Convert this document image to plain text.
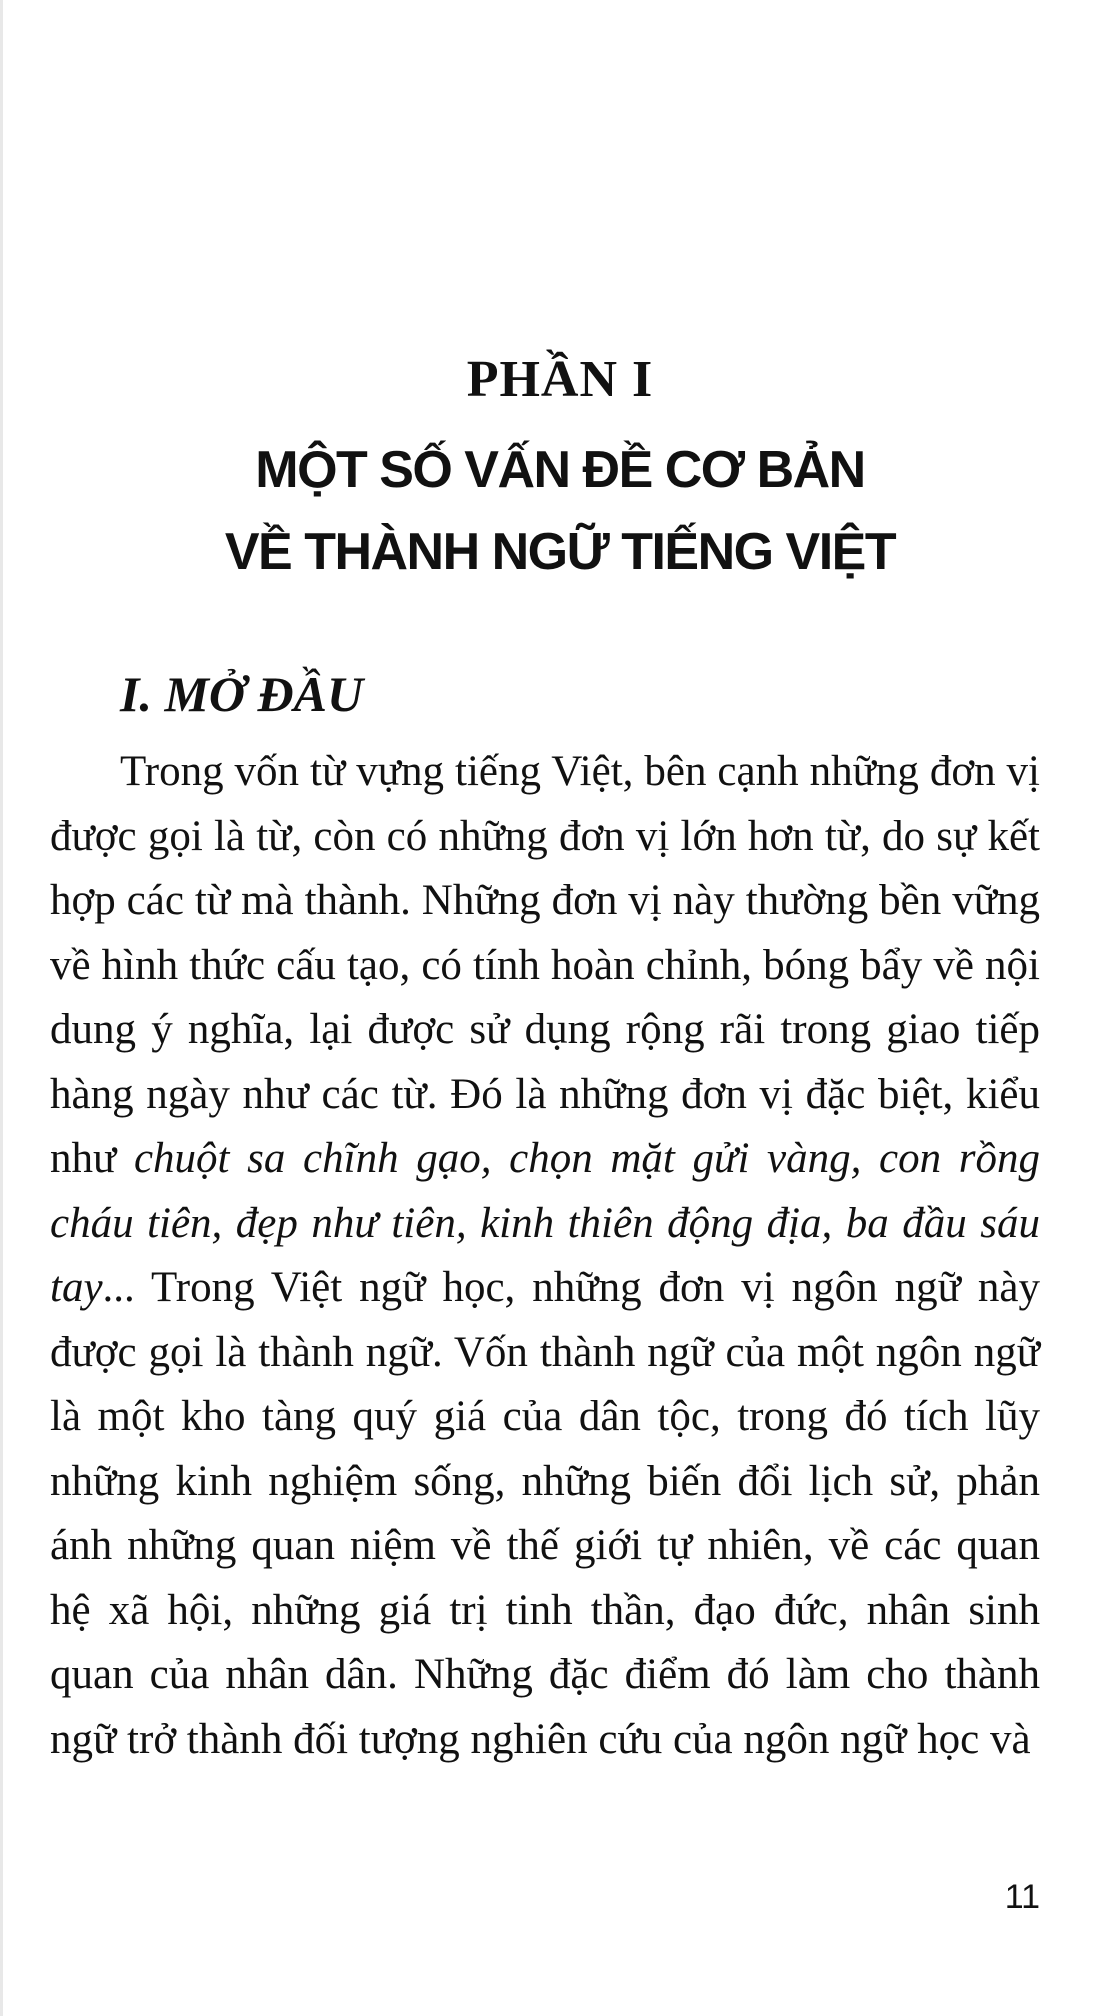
PHẦN I
MỘT SỐ VẤN ĐỀ CƠ BẢN
VỀ THÀNH NGỮ TIẾNG VIỆT
I. MỞ ĐẦU

Trong vốn từ vựng tiếng Việt, bên cạnh những đơn vị được gọi là từ, còn có những đơn vị lớn hơn từ, do sự kết hợp các từ mà thành. Những đơn vị này thường bền vững về hình thức cấu tạo, có tính hoàn chỉnh, bóng bẩy về nội dung ý nghĩa, lại được sử dụng rộng rãi trong giao tiếp hàng ngày như các từ. Đó là những đơn vị đặc biệt, kiểu như chuột sa chĩnh gạo, chọn mặt gửi vàng, con rồng cháu tiên, đẹp như tiên, kinh thiên động địa, ba đầu sáu tay... Trong Việt ngữ học, những đơn vị ngôn ngữ này được gọi là thành ngữ. Vốn thành ngữ của một ngôn ngữ là một kho tàng quý giá của dân tộc, trong đó tích lũy những kinh nghiệm sống, những biến đổi lịch sử, phản ánh những quan niệm về thế giới tự nhiên, về các quan hệ xã hội, những giá trị tinh thần, đạo đức, nhân sinh quan của nhân dân. Những đặc điểm đó làm cho thành ngữ trở thành đối tượng nghiên cứu của ngôn ngữ học và

11
